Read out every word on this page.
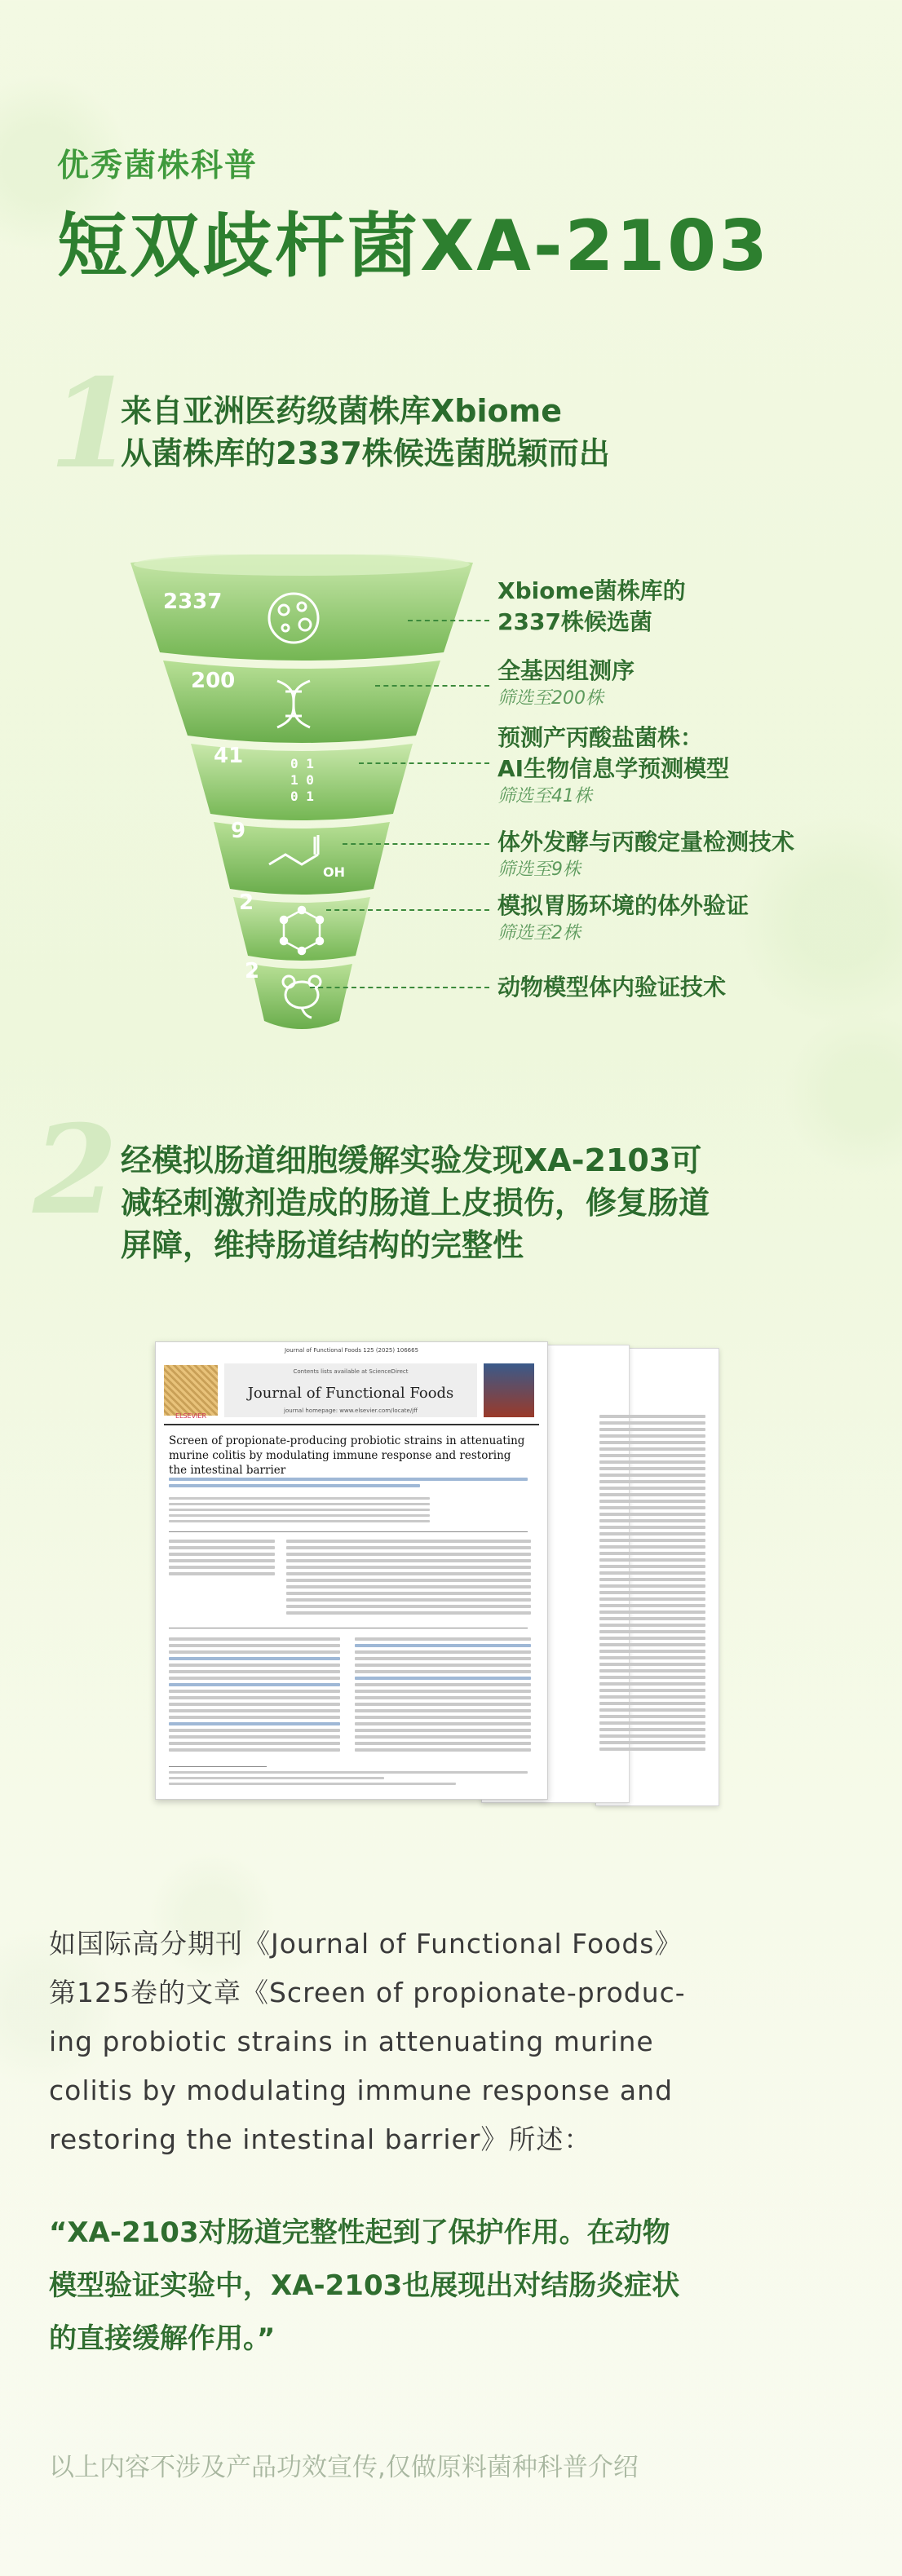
优秀菌株科普
短双歧杆菌XA-2103
1
来自亚洲医药级菌株库Xbiome
从菌株库的2337株候选菌脱颖而出
0 1
1 0
0 1
OH
2337
200
41
9
2
2
Xbiome菌株库的
2337株候选菌
全基因组测序
筛选至200株
预测产丙酸盐菌株：
AI生物信息学预测模型
筛选至41株
体外发酵与丙酸定量检测技术
筛选至9株
模拟胃肠环境的体外验证
筛选至2株
动物模型体内验证技术
2 经模拟肠道细胞缓解实验发现XA-2103可
减轻刺激剂造成的肠道上皮损伤，修复肠道
屏障，维持肠道结构的完整性
Journal of Functional Foods 125 (2025) 106665
ELSEVIER
Contents lists available at ScienceDirect
Journal of Functional Foods
journal homepage: www.elsevier.com/locate/jff
Screen of propionate-producing probiotic strains in attenuating murine colitis by modulating immune response and restoring the intestinal barrier
如国际高分期刊《Journal of Functional Foods》
第125卷的文章《Screen of propionate-produc-
ing probiotic strains in attenuating murine
colitis by modulating immune response and
restoring the intestinal barrier》所述：
“XA-2103对肠道完整性起到了保护作用。在动物
模型验证实验中，XA-2103也展现出对结肠炎症状
的直接缓解作用。”
以上内容不涉及产品功效宣传,仅做原料菌种科普介绍
